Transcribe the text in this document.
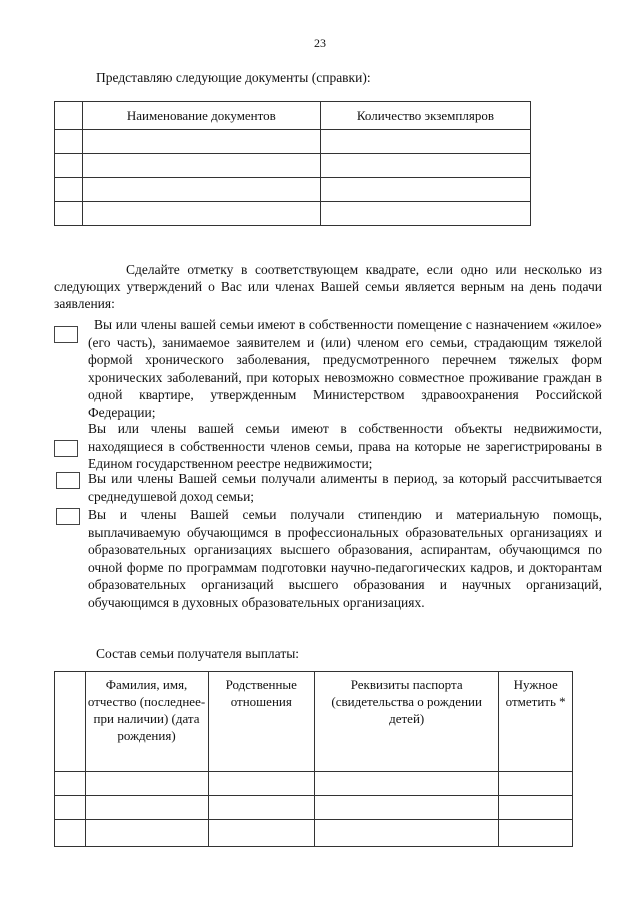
23
Представляю следующие документы (справки):
	Наименование документов	Количество экземпляров

Сделайте отметку в соответствующем квадрате, если одно или несколько из следующих утверждений о Вас или членах Вашей семьи является верным на день подачи заявления:

Вы или члены вашей семьи имеют в собственности помещение с назначением «жилое» (его часть), занимаемое заявителем и (или) членом его семьи, страдающим тяжелой формой хронического заболевания, предусмотренного перечнем тяжелых форм хронических заболеваний, при которых невозможно совместное проживание граждан в одной квартире, утвержденным Министерством здравоохранения Российской Федерации;

Вы или члены вашей семьи имеют в собственности объекты недвижимости, находящиеся в собственности членов семьи, права на которые не зарегистрированы в Едином государственном реестре недвижимости;

Вы или члены Вашей семьи получали алименты в период, за который рассчитывается среднедушевой доход семьи;

Вы и члены Вашей семьи получали стипендию и материальную помощь, выплачиваемую обучающимся в профессиональных образовательных организациях и образовательных организациях высшего образования, аспирантам, обучающимся по очной форме по программам подготовки научно-педагогических кадров, и докторантам образовательных организаций высшего образования и научных организаций, обучающимся в духовных образовательных организациях.

Состав семьи получателя выплаты:
	Фамилия, имя, отчество (последнее-при наличии) (дата рождения)	Родственные отношения	Реквизиты паспорта (свидетельства о рождении детей)	Нужное отметить *
